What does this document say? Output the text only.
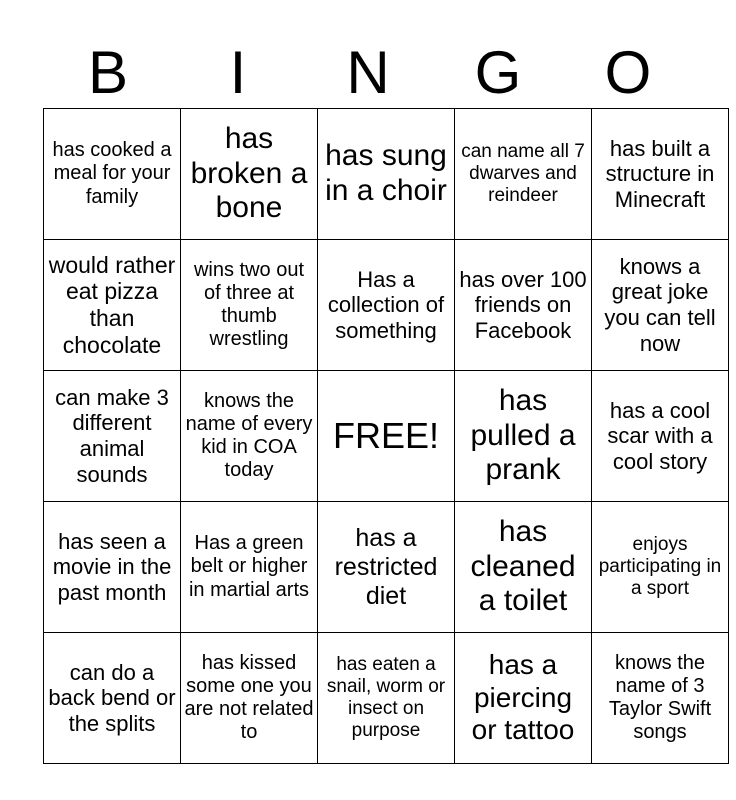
B	I	N	G	O
has cooked a meal for your family	has broken a bone	has sung in a choir	can name all 7 dwarves and reindeer	has built a structure in Minecraft
would rather eat pizza than chocolate	wins two out of three at thumb wrestling	Has a collection of something	has over 100 friends on Facebook	knows a great joke you can tell now
can make 3 different animal sounds	knows the name of every kid in COA today	FREE!	has pulled a prank	has a cool scar with a cool story
has seen a movie in the past month	Has a green belt or higher in martial arts	has a restricted diet	has cleaned a toilet	enjoys participating in a sport
can do a back bend or the splits	has kissed some one you are not related to	has eaten a snail, worm or insect on purpose	has a piercing or tattoo	knows the name of 3 Taylor Swift songs
